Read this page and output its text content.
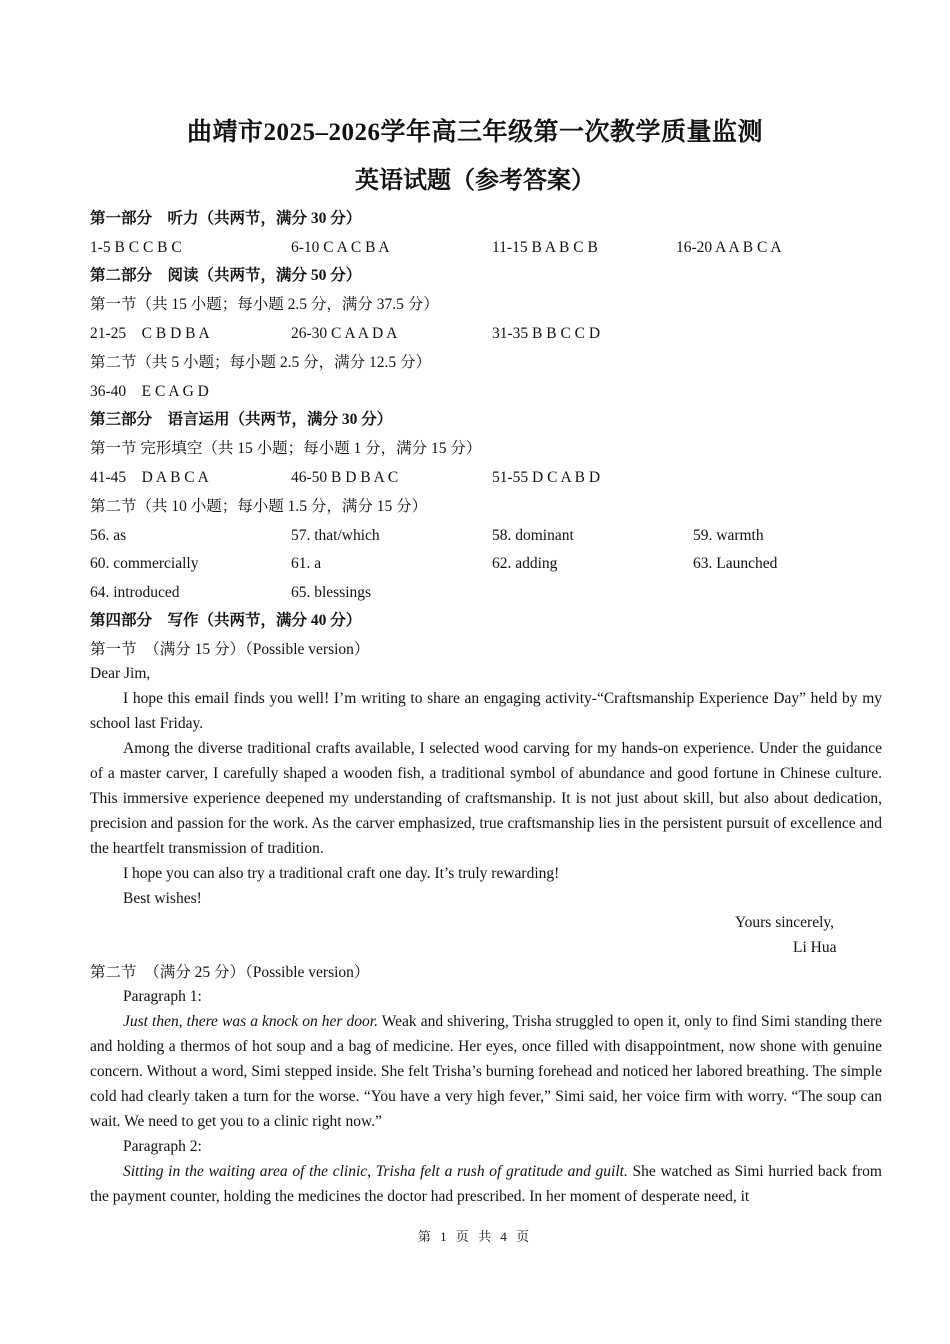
曲靖市2025–2026学年高三年级第一次教学质量监测
英语试题（参考答案）
第一部分　听力（共两节，满分 30 分）
1-5 B C C B C	6-10 C A C B A	11-15 B A B C B	16-20 A A B C A
第二部分　阅读（共两节，满分 50 分）
第一节（共 15 小题；每小题 2.5 分，满分 37.5 分）
21-25　C B D B A	26-30 C A A D A	31-35 B B C C D
第二节（共 5 小题；每小题 2.5 分，满分 12.5 分）
36-40　E C A G D
第三部分　语言运用（共两节，满分 30 分）
第一节 完形填空（共 15 小题；每小题 1 分，满分 15 分）
41-45　D A B C A	46-50 B D B A C	51-55 D C A B D
第二节（共 10 小题；每小题 1.5 分，满分 15 分）
56. as	57. that/which	58. dominant	59. warmth
60. commercially	61. a	62. adding	63. Launched
64. introduced	65. blessings
第四部分　写作（共两节，满分 40 分）
第一节　（满分 15 分）（Possible version）
Dear Jim,
I hope this email finds you well! I’m writing to share an engaging activity-“Craftsmanship Experience Day” held by my school last Friday.
Among the diverse traditional crafts available, I selected wood carving for my hands-on experience. Under the guidance of a master carver, I carefully shaped a wooden fish, a traditional symbol of abundance and good fortune in Chinese culture. This immersive experience deepened my understanding of craftsmanship. It is not just about skill, but also about dedication, precision and passion for the work. As the carver emphasized, true craftsmanship lies in the persistent pursuit of excellence and the heartfelt transmission of tradition.
I hope you can also try a traditional craft one day. It’s truly rewarding!
Best wishes!
Yours sincerely,
Li Hua
第二节　（满分 25 分）（Possible version）
Paragraph 1:
Just then, there was a knock on her door. Weak and shivering, Trisha struggled to open it, only to find Simi standing there and holding a thermos of hot soup and a bag of medicine. Her eyes, once filled with disappointment, now shone with genuine concern. Without a word, Simi stepped inside. She felt Trisha’s burning forehead and noticed her labored breathing. The simple cold had clearly taken a turn for the worse. “You have a very high fever,” Simi said, her voice firm with worry. “The soup can wait. We need to get you to a clinic right now.”
Paragraph 2:
Sitting in the waiting area of the clinic, Trisha felt a rush of gratitude and guilt. She watched as Simi hurried back from the payment counter, holding the medicines the doctor had prescribed. In her moment of desperate need, it
第 1 页 共 4 页
